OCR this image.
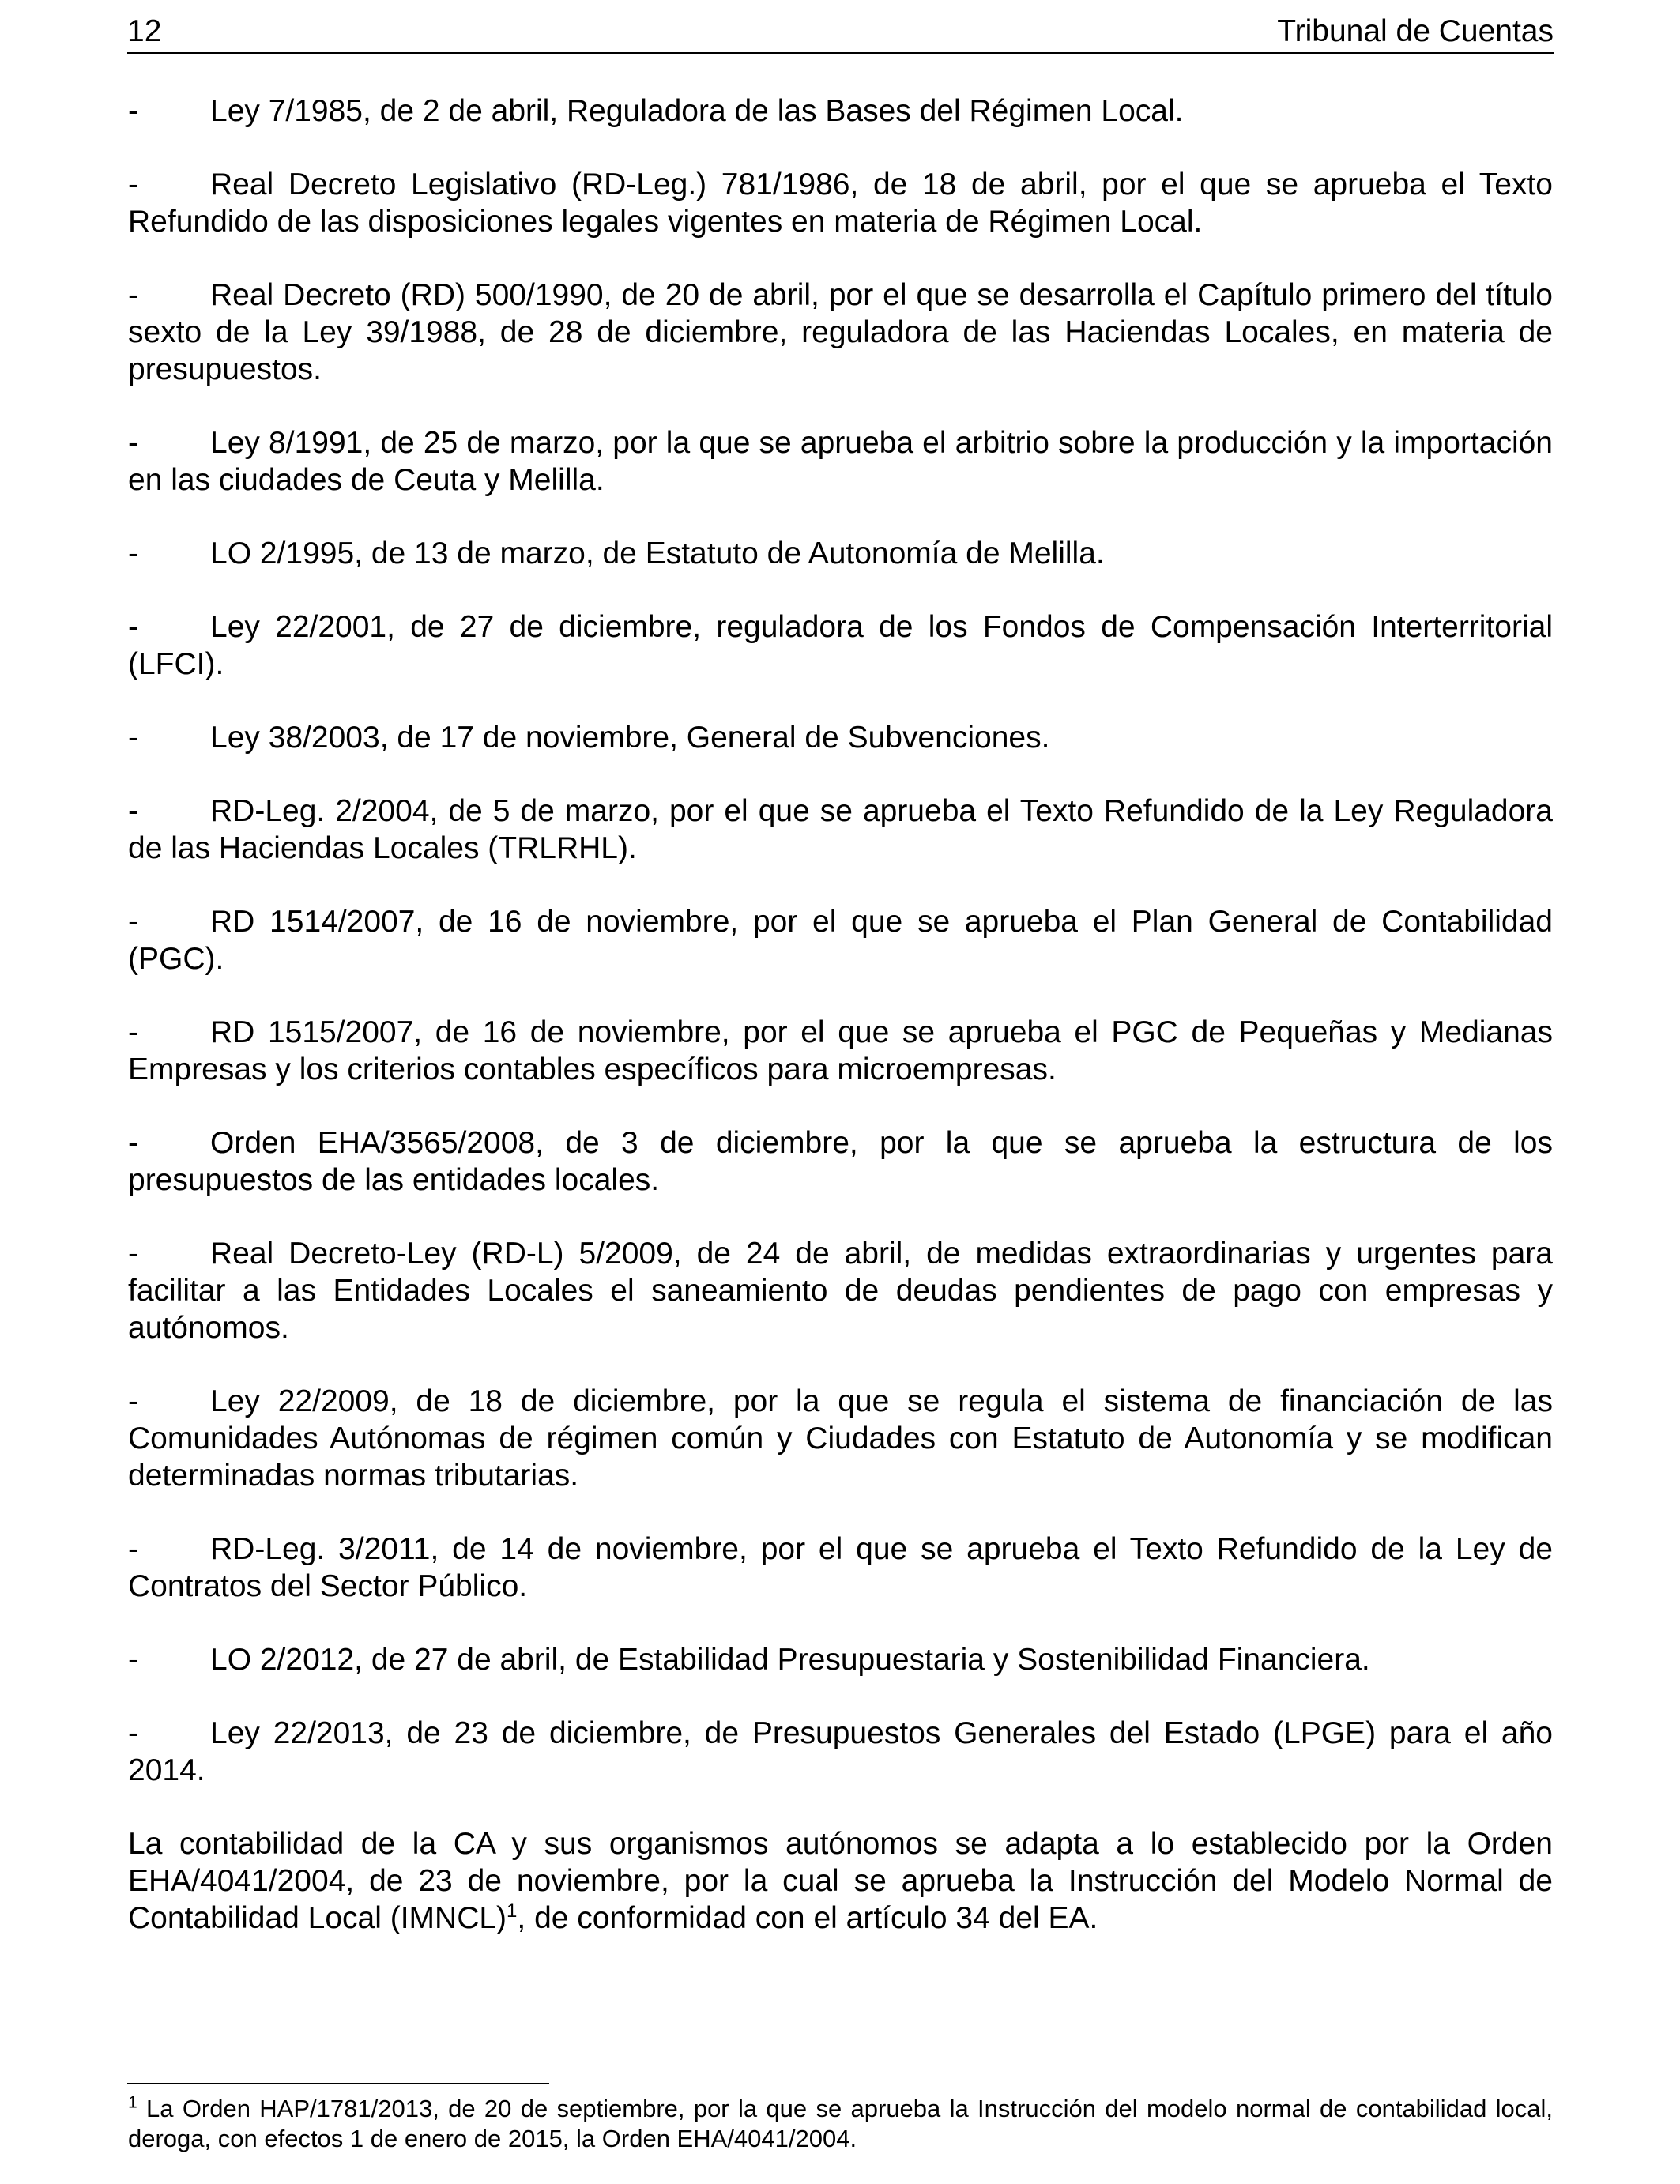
12	Tribunal de Cuentas

- Ley 7/1985, de 2 de abril, Reguladora de las Bases del Régimen Local.

- Real Decreto Legislativo (RD-Leg.) 781/1986, de 18 de abril, por el que se aprueba el Texto Refundido de las disposiciones legales vigentes en materia de Régimen Local.

- Real Decreto (RD) 500/1990, de 20 de abril, por el que se desarrolla el Capítulo primero del título sexto de la Ley 39/1988, de 28 de diciembre, reguladora de las Haciendas Locales, en materia de presupuestos.

- Ley 8/1991, de 25 de marzo, por la que se aprueba el arbitrio sobre la producción y la importación en las ciudades de Ceuta y Melilla.

- LO 2/1995, de 13 de marzo, de Estatuto de Autonomía de Melilla.

- Ley 22/2001, de 27 de diciembre, reguladora de los Fondos de Compensación Interterritorial (LFCI).

- Ley 38/2003, de 17 de noviembre, General de Subvenciones.

- RD-Leg. 2/2004, de 5 de marzo, por el que se aprueba el Texto Refundido de la Ley Reguladora de las Haciendas Locales (TRLRHL).

- RD 1514/2007, de 16 de noviembre, por el que se aprueba el Plan General de Contabilidad (PGC).

- RD 1515/2007, de 16 de noviembre, por el que se aprueba el PGC de Pequeñas y Medianas Empresas y los criterios contables específicos para microempresas.

- Orden EHA/3565/2008, de 3 de diciembre, por la que se aprueba la estructura de los presupuestos de las entidades locales.

- Real Decreto-Ley (RD-L) 5/2009, de 24 de abril, de medidas extraordinarias y urgentes para facilitar a las Entidades Locales el saneamiento de deudas pendientes de pago con empresas y autónomos.

- Ley 22/2009, de 18 de diciembre, por la que se regula el sistema de financiación de las Comunidades Autónomas de régimen común y Ciudades con Estatuto de Autonomía y se modifican determinadas normas tributarias.

- RD-Leg. 3/2011, de 14 de noviembre, por el que se aprueba el Texto Refundido de la Ley de Contratos del Sector Público.

- LO 2/2012, de 27 de abril, de Estabilidad Presupuestaria y Sostenibilidad Financiera.

- Ley 22/2013, de 23 de diciembre, de Presupuestos Generales del Estado (LPGE) para el año 2014.

La contabilidad de la CA y sus organismos autónomos se adapta a lo establecido por la Orden EHA/4041/2004, de 23 de noviembre, por la cual se aprueba la Instrucción del Modelo Normal de Contabilidad Local (IMNCL)$^1$, de conformidad con el artículo 34 del EA.

$^1$ La Orden HAP/1781/2013, de 20 de septiembre, por la que se aprueba la Instrucción del modelo normal de contabilidad local, deroga, con efectos 1 de enero de 2015, la Orden EHA/4041/2004.
